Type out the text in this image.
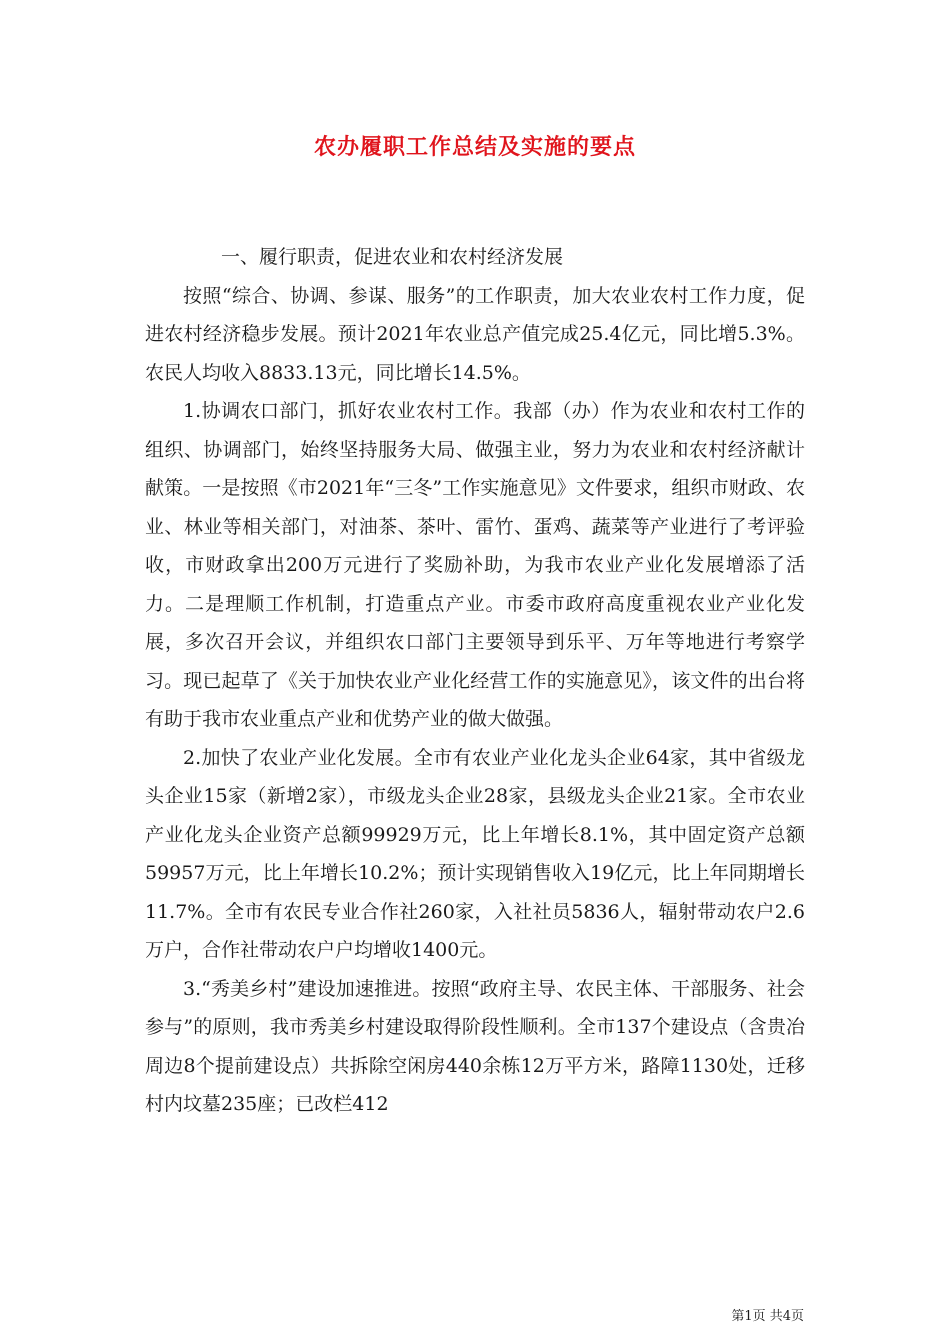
农办履职工作总结及实施的要点

一、履行职责，促进农业和农村经济发展

按照“综合、协调、参谋、服务”的工作职责，加大农业农村工作力度，促进农村经济稳步发展。预计2021年农业总产值完成25.4亿元，同比增5.3%。农民人均收入8833.13元，同比增长14.5%。

1.协调农口部门，抓好农业农村工作。我部（办）作为农业和农村工作的组织、协调部门，始终坚持服务大局、做强主业，努力为农业和农村经济献计献策。一是按照《市2021年“三冬”工作实施意见》文件要求，组织市财政、农业、林业等相关部门，对油茶、茶叶、雷竹、蛋鸡、蔬菜等产业进行了考评验收，市财政拿出200万元进行了奖励补助，为我市农业产业化发展增添了活力。二是理顺工作机制，打造重点产业。市委市政府高度重视农业产业化发展，多次召开会议，并组织农口部门主要领导到乐平、万年等地进行考察学习。现已起草了《关于加快农业产业化经营工作的实施意见》，该文件的出台将有助于我市农业重点产业和优势产业的做大做强。

2.加快了农业产业化发展。全市有农业产业化龙头企业64家，其中省级龙头企业15家（新增2家），市级龙头企业28家，县级龙头企业21家。全市农业产业化龙头企业资产总额99929万元，比上年增长8.1%，其中固定资产总额59957万元，比上年增长10.2%；预计实现销售收入19亿元，比上年同期增长11.7%。全市有农民专业合作社260家，入社社员5836人，辐射带动农户2.6万户，合作社带动农户户均增收1400元。

3.“秀美乡村”建设加速推进。按照“政府主导、农民主体、干部服务、社会参与”的原则，我市秀美乡村建设取得阶段性顺利。全市137个建设点（含贵冶周边8个提前建设点）共拆除空闲房440余栋12万平方米，路障1130处，迁移村内坟墓235座；已改栏412

第1页 共4页
